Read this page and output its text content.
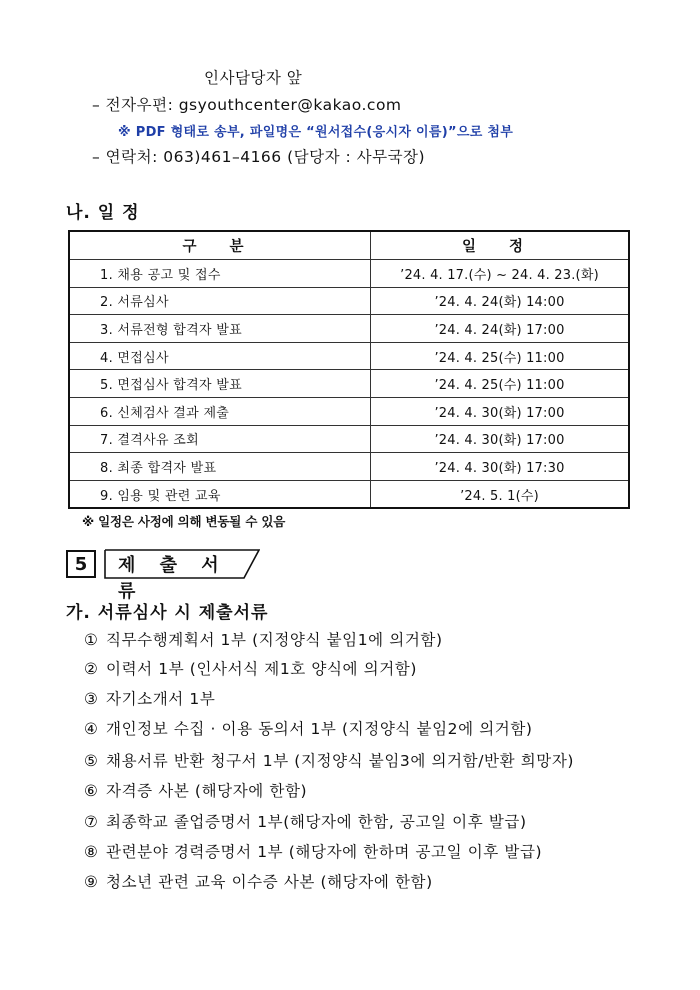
인사담당자 앞
– 전자우편: gsyouthcenter@kakao.com
※ PDF 형태로 송부, 파일명은 “원서접수(응시자 이름)”으로 첨부
– 연락처: 063)461–4166 (담당자 : 사무국장)
나. 일 정
구 분	일 정
1. 채용 공고 및 접수	’24. 4. 17.(수) ~ 24. 4. 23.(화)
2. 서류심사	’24. 4. 24(화) 14:00
3. 서류전형 합격자 발표	’24. 4. 24(화) 17:00
4. 면접심사	’24. 4. 25(수) 11:00
5. 면접심사 합격자 발표	’24. 4. 25(수) 11:00
6. 신체검사 결과 제출	’24. 4. 30(화) 17:00
7. 결격사유 조회	’24. 4. 30(화) 17:00
8. 최종 합격자 발표	’24. 4. 30(화) 17:30
9. 임용 및 관련 교육	’24. 5. 1(수)
※ 일정은 사정에 의해 변동될 수 있음
5	제 출 서 류
가. 서류심사 시 제출서류
① 직무수행계획서 1부 (지정양식 붙임1에 의거함)
② 이력서 1부 (인사서식 제1호 양식에 의거함)
③ 자기소개서 1부
④ 개인정보 수집 · 이용 동의서 1부 (지정양식 붙임2에 의거함)
⑤ 채용서류 반환 청구서 1부 (지정양식 붙임3에 의거함/반환 희망자)
⑥ 자격증 사본 (해당자에 한함)
⑦ 최종학교 졸업증명서 1부(해당자에 한함, 공고일 이후 발급)
⑧ 관련분야 경력증명서 1부 (해당자에 한하며 공고일 이후 발급)
⑨ 청소년 관련 교육 이수증 사본 (해당자에 한함)
